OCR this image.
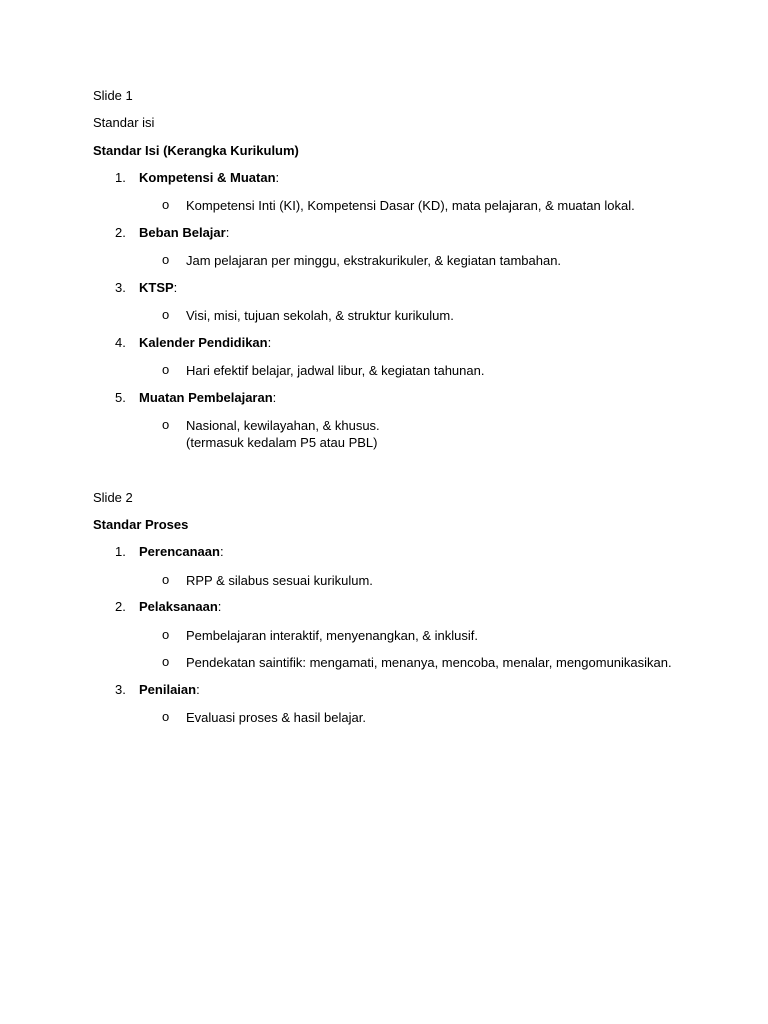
Slide 1
Standar isi
Standar Isi (Kerangka Kurikulum)
1.	Kompetensi & Muatan:
o Kompetensi Inti (KI), Kompetensi Dasar (KD), mata pelajaran, & muatan lokal.
2.	Beban Belajar:
o Jam pelajaran per minggu, ekstrakurikuler, & kegiatan tambahan.
3.	KTSP:
o Visi, misi, tujuan sekolah, & struktur kurikulum.
4.	Kalender Pendidikan:
o Hari efektif belajar, jadwal libur, & kegiatan tahunan.
5.	Muatan Pembelajaran:
o Nasional, kewilayahan, & khusus.
(termasuk kedalam P5 atau PBL)
Slide 2
Standar Proses
1.	Perencanaan:
o RPP & silabus sesuai kurikulum.
2.	Pelaksanaan:
o Pembelajaran interaktif, menyenangkan, & inklusif.
o Pendekatan saintifik: mengamati, menanya, mencoba, menalar, mengomunikasikan.
3.	Penilaian:
o Evaluasi proses & hasil belajar.
